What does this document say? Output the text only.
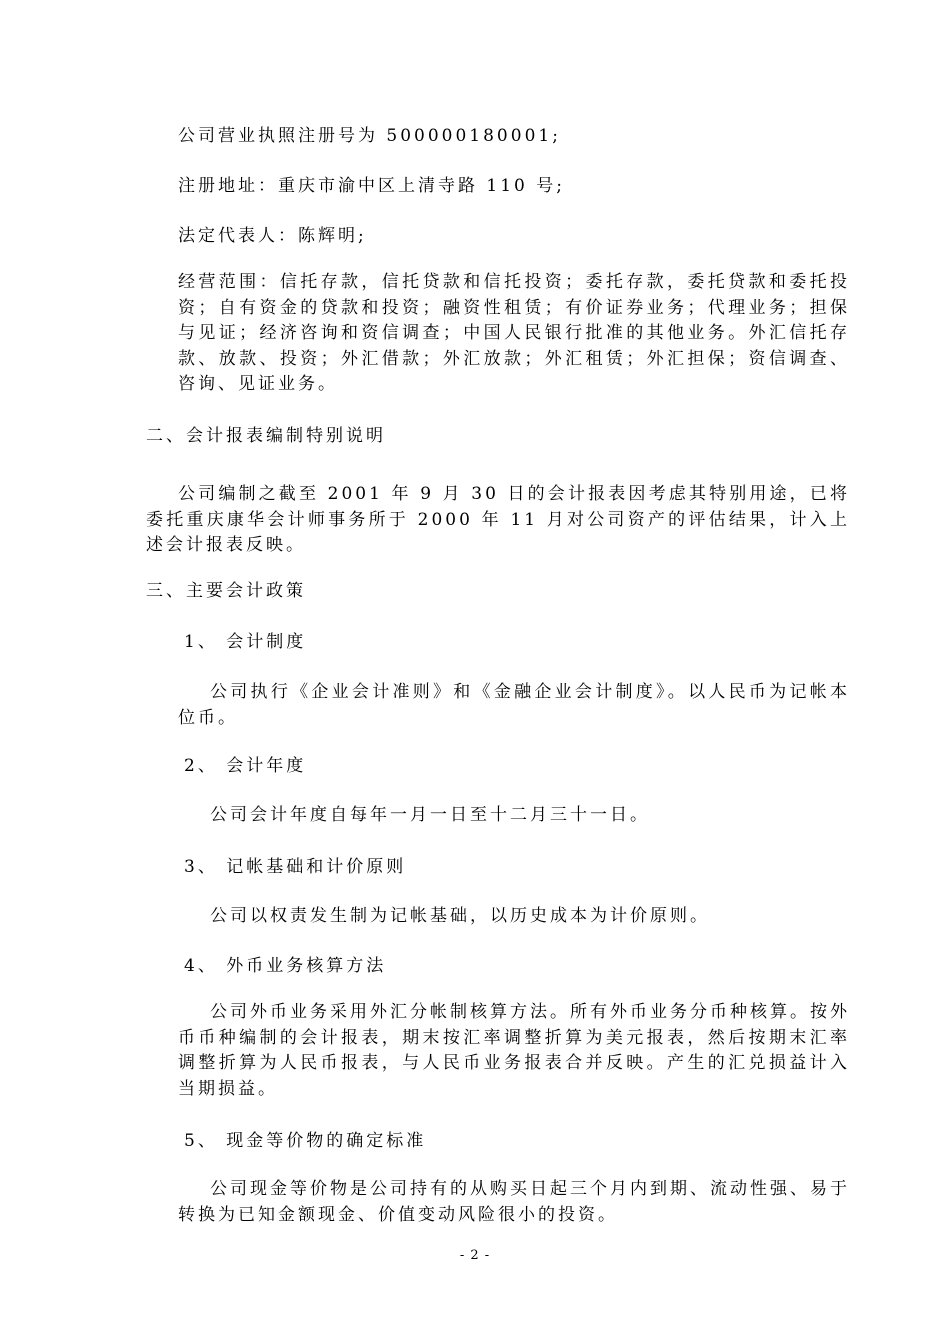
公司营业执照注册号为 500000180001;
注册地址：重庆市渝中区上清寺路 110 号;
法定代表人：陈辉明;
经营范围：信托存款，信托贷款和信托投资；委托存款，委托贷款和委托投资；自有资金的贷款和投资；融资性租赁；有价证券业务；代理业务；担保与见证；经济咨询和资信调查；中国人民银行批准的其他业务。外汇信托存款、放款、投资；外汇借款；外汇放款；外汇租赁；外汇担保；资信调查、咨询、见证业务。
二、会计报表编制特别说明
公司编制之截至 2001 年 9 月 30 日的会计报表因考虑其特别用途，已将委托重庆康华会计师事务所于 2000 年 11 月对公司资产的评估结果，计入上述会计报表反映。
三、主要会计政策
1、 会计制度
公司执行《企业会计准则》和《金融企业会计制度》。以人民币为记帐本位币。
2、 会计年度
公司会计年度自每年一月一日至十二月三十一日。
3、 记帐基础和计价原则
公司以权责发生制为记帐基础，以历史成本为计价原则。
4、 外币业务核算方法
公司外币业务采用外汇分帐制核算方法。所有外币业务分币种核算。按外币币种编制的会计报表，期末按汇率调整折算为美元报表，然后按期末汇率调整折算为人民币报表，与人民币业务报表合并反映。产生的汇兑损益计入当期损益。
5、 现金等价物的确定标准
公司现金等价物是公司持有的从购买日起三个月内到期、流动性强、易于转换为已知金额现金、价值变动风险很小的投资。
- 2 -
